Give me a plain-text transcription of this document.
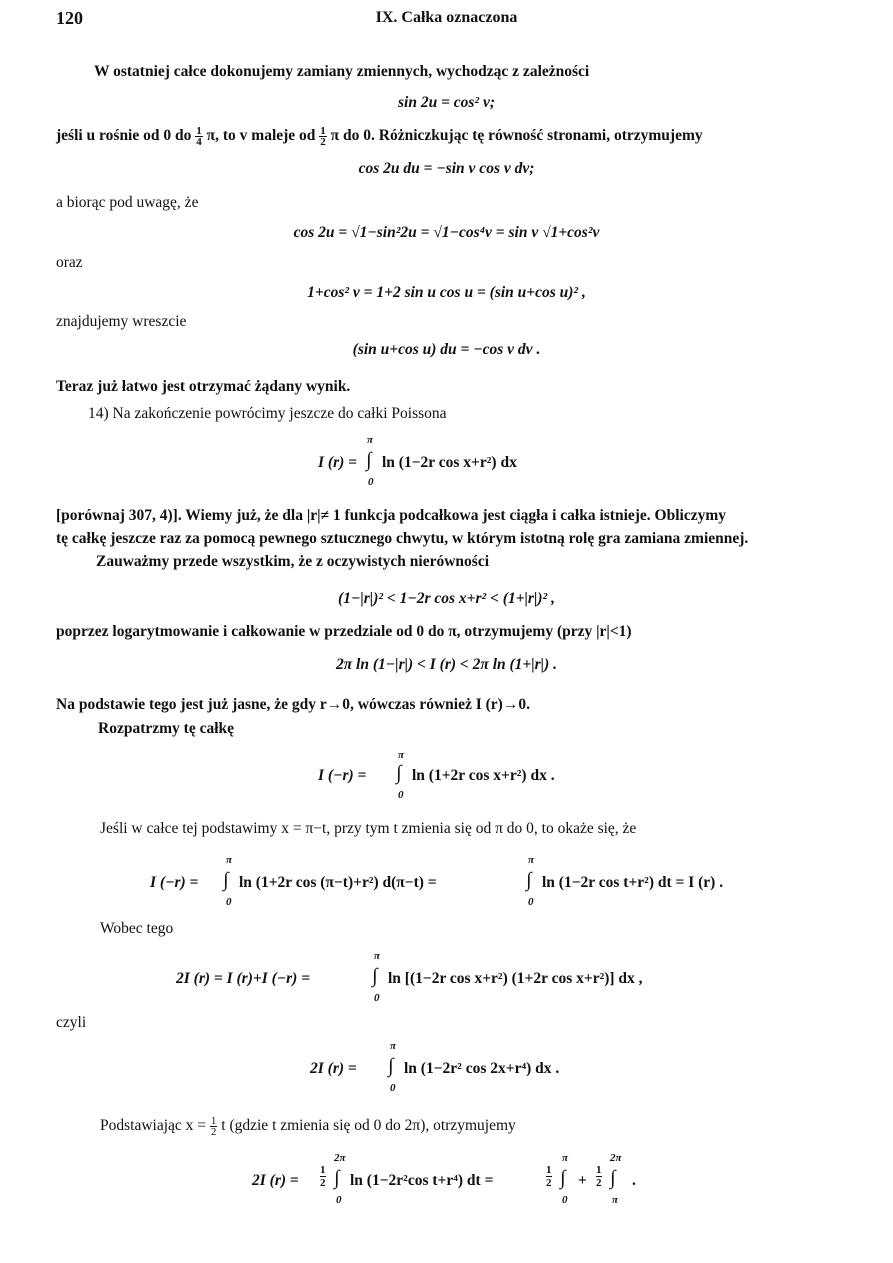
120	IX. Całka oznaczona
W ostatniej całce dokonujemy zamiany zmiennych, wychodząc z zależności
sin 2u = cos² v;
jeśli u rośnie od 0 do $\frac{1}{4} \pi$, to v maleje od $\frac{1}{2}$ π do 0. Różniczkując tę równość stronami, otrzymujemy
cos 2u du = −sin v cos v dv;
a biorąc pod uwagę, że
cos 2u = √1−sin²2u = √1−cos⁴v = sin v √1+cos²v
oraz
1+cos² v = 1+2 sin u cos u = (sin u+cos u)² ,
znajdujemy wreszcie
(sin u+cos u) du = −cos v dv .
Teraz już łatwo jest otrzymać żądany wynik.
14) Na zakończenie powrócimy jeszcze do całki Poissona
π
I (r) = ∫ ln (1−2r cos x+r²) dx
0
[porównaj 307, 4)]. Wiemy już, że dla |r|≠ 1 funkcja podcałkowa jest ciągła i całka istnieje. Obliczymy
tę całkę jeszcze raz za pomocą pewnego sztucznego chwytu, w którym istotną rolę gra zamiana zmiennej.
Zauważmy przede wszystkim, że z oczywistych nierówności
(1−|r|)² < 1−2r cos x+r² < (1+|r|)² ,
poprzez logarytmowanie i całkowanie w przedziale od 0 do π, otrzymujemy (przy |r|<1)
2π ln (1−|r|) < I (r) < 2π ln (1+|r|) .
Na podstawie tego jest już jasne, że gdy r→0, wówczas również I (r)→0.
Rozpatrzmy tę całkę
π
I (−r) = ∫ ln (1+2r cos x+r²) dx .
0
Jeśli w całce tej podstawimy x = π−t, przy tym t zmienia się od π do 0, to okaże się, że
π
I (−r) = ∫ ln (1+2r cos (π−t)+r²) d(π−t) =
0
π
∫ ln (1−2r cos t+r²) dt = I (r) .
0
Wobec tego
π
2I (r) = I (r)+I (−r) =	∫ ln [(1−2r cos x+r²) (1+2r cos x+r²)] dx ,
0
czyli
π
2I (r) = ∫ ln (1−2r² cos 2x+r⁴) dx .
0
Podstawiając $x = \frac{1}{2}$ t (gdzie t zmienia się od 0 do 2π), otrzymujemy
2I (r) =
1
2
2π
∫ ln (1−2r²cos t+r⁴) dt =
0
1
2
π
∫
0
+
1
2
2π
∫
π
.
